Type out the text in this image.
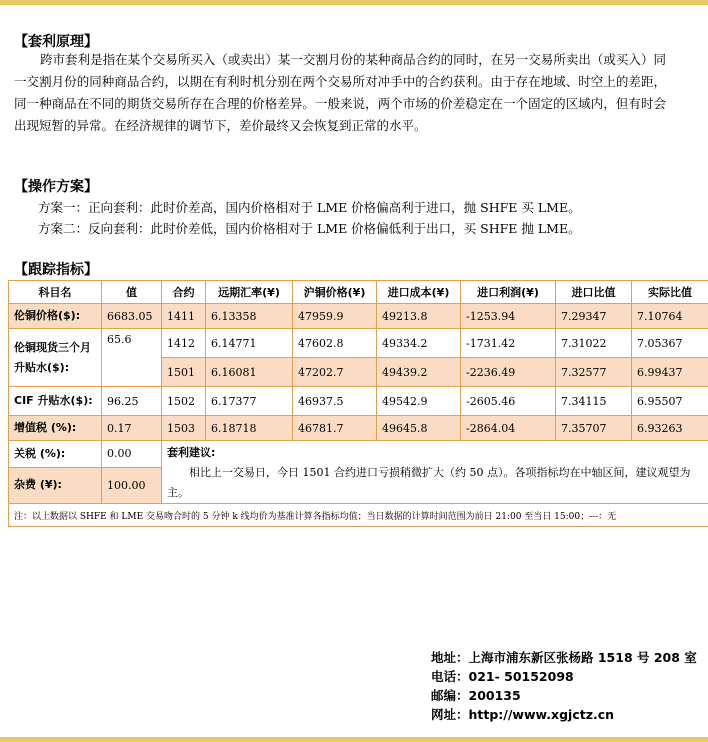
【套利原理】
跨市套利是指在某个交易所买入（或卖出）某一交割月份的某种商品合约的同时，在另一交易所卖出（或买入）同一交割月份的同种商品合约，以期在有利时机分别在两个交易所对冲手中的合约获利。由于存在地域、时空上的差距，同一种商品在不同的期货交易所存在合理的价格差异。一般来说，两个市场的价差稳定在一个固定的区域内，但有时会出现短暂的异常。在经济规律的调节下，差价最终又会恢复到正常的水平。
【操作方案】
方案一：正向套利：此时价差高，国内价格相对于 LME 价格偏高利于进口，抛 SHFE 买 LME。
方案二：反向套利：此时价差低，国内价格相对于 LME 价格偏低利于出口，买 SHFE 抛 LME。
【跟踪指标】
科目名	值	合约	远期汇率(¥)	沪铜价格(¥)	进口成本(¥)	进口利润(¥)	进口比值	实际比值
伦铜价格($):	6683.05	1411	6.13358	47959.9	49213.8	-1253.94	7.29347	7.10764
伦铜现货三个月升贴水($):	65.6	1412	6.14771	47602.8	49334.2	-1731.42	7.31022	7.05367
		1501	6.16081	47202.7	49439.2	-2236.49	7.32577	6.99437
CIF 升贴水($):	96.25	1502	6.17377	46937.5	49542.9	-2605.46	7.34115	6.95507
增值税 (%):	0.17	1503	6.18718	46781.7	49645.8	-2864.04	7.35707	6.93263
关税 (%):	0.00	套利建议:
相比上一交易日，今日 1501 合约进口亏损稍微扩大（约 50 点）。各项指标均在中轴区间，建议观望为主。						

杂费 (¥):	100.00							
注：以上数据以 SHFE 和 LME 交易吻合时的 5 分钟 k 线均价为基准计算各指标均值；当日数据的计算时间范围为前日 21:00 至当日 15:00；---：无								
地址：上海市浦东新区张杨路 1518 号 208 室
电话：021- 50152098
邮编：200135
网址：http://www.xgjctz.cn
